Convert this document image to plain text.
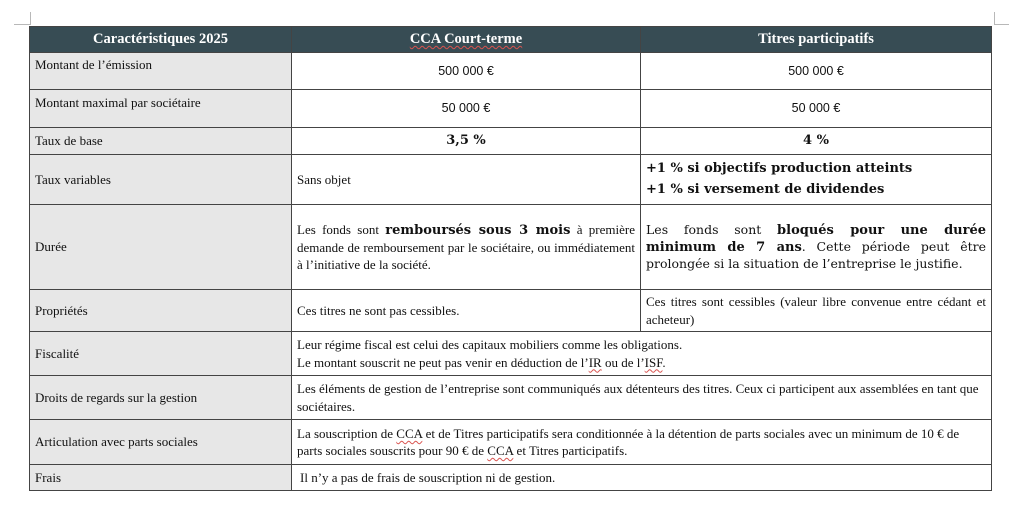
Caractéristiques 2025	CCA Court-terme	Titres participatifs
Montant de l’émission	500 000 €	500 000 €
Montant maximal par sociétaire	50 000 €	50 000 €
Taux de base	3,5 %	4 %
Taux variables	Sans objet	+1 % si objectifs production atteints
+1 % si versement de dividendes

Durée	Les fonds sont remboursés sous 3 mois à première demande de remboursement par le sociétaire, ou immédiatement à l’initiative de la société.	Les fonds sont bloqués pour une durée minimum de 7 ans. Cette période peut être prolongée si la situation de l’entreprise le justifie.
Propriétés	Ces titres ne sont pas cessibles.	Ces titres sont cessibles (valeur libre convenue entre cédant et acheteur)
Fiscalité	Leur régime fiscal est celui des capitaux mobiliers comme les obligations.
Le montant souscrit ne peut pas venir en déduction de l’IR ou de l’ISF.	

Droits de regards sur la gestion	Les éléments de gestion de l’entreprise sont communiqués aux détenteurs des titres. Ceux ci participent aux assemblées en tant que sociétaires.	
Articulation avec parts sociales	La souscription de CCA et de Titres participatifs sera conditionnée à la détention de parts sociales avec un minimum de 10 € de parts sociales souscrits pour 90 € de CCA et Titres participatifs.	
Frais	Il n’y a pas de frais de souscription ni de gestion.	
